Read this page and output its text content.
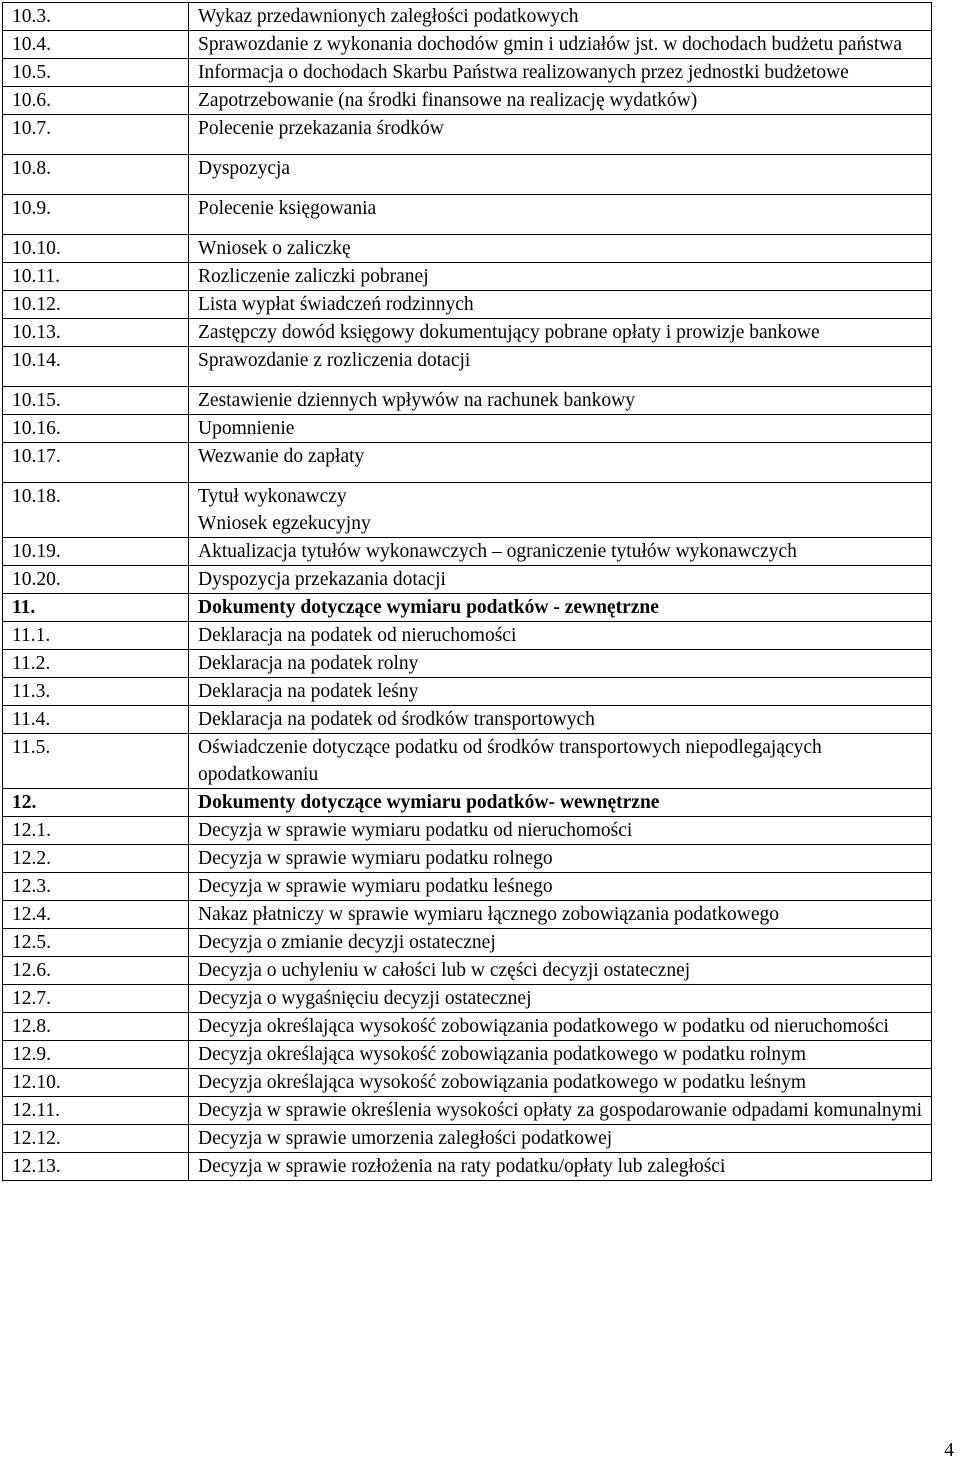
10.3.	Wykaz przedawnionych zaległości podatkowych
10.4.	Sprawozdanie z wykonania dochodów gmin i udziałów jst. w dochodach budżetu państwa
10.5.	Informacja o dochodach Skarbu Państwa realizowanych przez jednostki budżetowe
10.6.	Zapotrzebowanie (na środki finansowe na realizację wydatków)
10.7.	Polecenie przekazania środków
10.8.	Dyspozycja
10.9.	Polecenie księgowania
10.10.	Wniosek o zaliczkę
10.11.	Rozliczenie zaliczki pobranej
10.12.	Lista wypłat świadczeń rodzinnych
10.13.	Zastępczy dowód księgowy dokumentujący pobrane opłaty i prowizje bankowe
10.14.	Sprawozdanie z rozliczenia dotacji
10.15.	Zestawienie dziennych wpływów na rachunek bankowy
10.16.	Upomnienie
10.17.	Wezwanie do zapłaty
10.18.	Tytuł wykonawczy
Wniosek egzekucyjny
10.19.	Aktualizacja tytułów wykonawczych – ograniczenie tytułów wykonawczych
10.20.	Dyspozycja przekazania dotacji
11.	Dokumenty dotyczące wymiaru podatków - zewnętrzne
11.1.	Deklaracja na podatek od nieruchomości
11.2.	Deklaracja na podatek rolny
11.3.	Deklaracja na podatek leśny
11.4.	Deklaracja na podatek od środków transportowych
11.5.	Oświadczenie dotyczące podatku od środków transportowych niepodlegających opodatkowaniu
12.	Dokumenty dotyczące wymiaru podatków- wewnętrzne
12.1.	Decyzja w sprawie wymiaru podatku od nieruchomości
12.2.	Decyzja w sprawie wymiaru podatku rolnego
12.3.	Decyzja w sprawie wymiaru podatku leśnego
12.4.	Nakaz płatniczy w sprawie wymiaru łącznego zobowiązania podatkowego
12.5.	Decyzja o zmianie decyzji ostatecznej
12.6.	Decyzja o uchyleniu w całości lub w części decyzji ostatecznej
12.7.	Decyzja o wygaśnięciu decyzji ostatecznej
12.8.	Decyzja określająca wysokość zobowiązania podatkowego w podatku od nieruchomości
12.9.	Decyzja określająca wysokość zobowiązania podatkowego w podatku rolnym
12.10.	Decyzja określająca wysokość zobowiązania podatkowego w podatku leśnym
12.11.	Decyzja w sprawie określenia wysokości opłaty za gospodarowanie odpadami komunalnymi
12.12.	Decyzja w sprawie umorzenia zaległości podatkowej
12.13.	Decyzja w sprawie rozłożenia na raty podatku/opłaty lub zaległości
4
